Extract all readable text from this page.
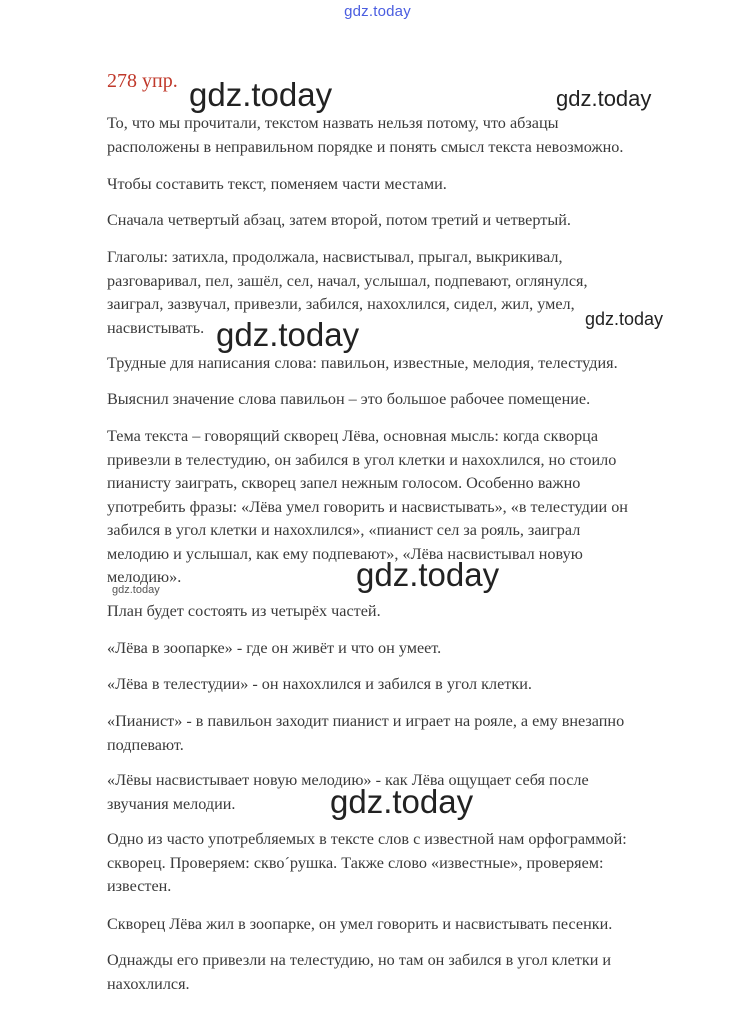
gdz.today
278 упр.
То, что мы прочитали, текстом назвать нельзя потому, что абзацы
расположены в неправильном порядке и понять смысл текста невозможно.
Чтобы составить текст, поменяем части местами.
Сначала четвертый абзац, затем второй, потом третий и четвертый.
Глаголы: затихла, продолжала, насвистывал, прыгал, выкрикивал,
разговаривал, пел, зашёл, сел, начал, услышал, подпевают, оглянулся,
заиграл, зазвучал, привезли, забился, нахохлился, сидел, жил, умел,
насвистывать.
Трудные для написания слова: павильон, известные, мелодия, телестудия.
Выяснил значение слова павильон – это большое рабочее помещение.
Тема текста – говорящий скворец Лёва, основная мысль: когда скворца
привезли в телестудию, он забился в угол клетки и нахохлился, но стоило
пианисту заиграть, скворец запел нежным голосом. Особенно важно
употребить фразы: «Лёва умел говорить и насвистывать», «в телестудии он
забился в угол клетки и нахохлился», «пианист сел за рояль, заиграл
мелодию и услышал, как ему подпевают», «Лёва насвистывал новую
мелодию».
План будет состоять из четырёх частей.
«Лёва в зоопарке» - где он живёт и что он умеет.
«Лёва в телестудии» - он нахохлился и забился в угол клетки.
«Пианист» - в павильон заходит пианист и играет на рояле, а ему внезапно
подпевают.
«Лёвы насвистывает новую мелодию» - как Лёва ощущает себя после
звучания мелодии.
Одно из часто употребляемых в тексте слов с известной нам орфограммой:
скворец. Проверяем: скво´рушка. Также слово «известные», проверяем:
известен.
Скворец Лёва жил в зоопарке, он умел говорить и насвистывать песенки.
Однажды его привезли на телестудию, но там он забился в угол клетки и
нахохлился.
gdz.today	gdz.today
gdz.today
gdz.today
gdz.today	gdz.today
gdz.today
